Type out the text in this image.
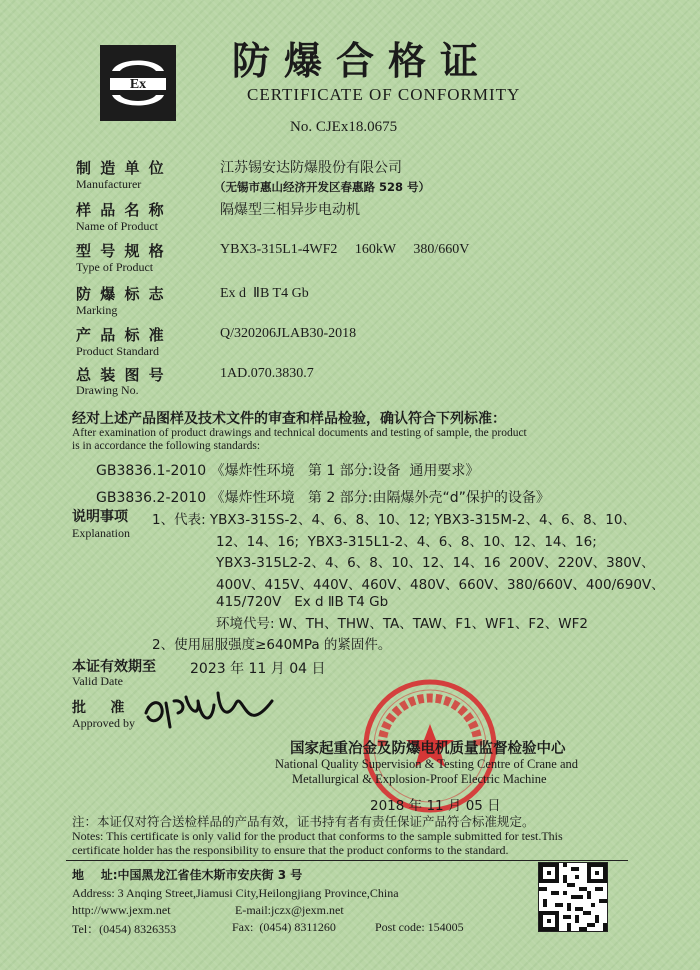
Ex
防爆合格证
CERTIFICATE OF CONFORMITY
No. CJEx18.0675
制 造 单 位
Manufacturer
江苏锡安达防爆股份有限公司
（无锡市惠山经济开发区春惠路 528 号）
样 品 名 称
Name of Product
隔爆型三相异步电动机
型 号 规 格
Type of Product
YBX3-315L1-4WF2     160kW     380/660V
防 爆 标 志
Marking
Ex d  ⅡB T4 Gb
产 品 标 准
Product Standard
Q/320206JLAB30-2018
总 装 图 号
Drawing No.
1AD.070.3830.7
经对上述产品图样及技术文件的审查和样品检验，确认符合下列标准：
After examination of product drawings and technical documents and testing of sample, the product
is in accordance the following standards:
GB3836.1-2010 《爆炸性环境   第 1 部分:设备  通用要求》
GB3836.2-2010 《爆炸性环境   第 2 部分:由隔爆外壳“d”保护的设备》
说明事项
Explanation
1、代表: YBX3-315S-2、4、6、8、10、12; YBX3-315M-2、4、6、8、10、
12、14、16;  YBX3-315L1-2、4、6、8、10、12、14、16;
YBX3-315L2-2、4、6、8、10、12、14、16  200V、220V、380V、
400V、415V、440V、460V、480V、660V、380/660V、400/690V、
415/720V   Ex d ⅡB T4 Gb
环境代号: W、TH、THW、TA、TAW、F1、WF1、F2、WF2
2、使用屈服强度≥640MPa 的紧固件。
本证有效期至
Valid Date
2023 年 11 月 04 日
批     准
Approved by
国家起重冶金及防爆电机质量监督检验中心
National Quality Supervision & Testing Centre of Crane and
Metallurgical & Explosion-Proof Electric Machine
2018 年 11 月 05 日
注：本证仅对符合送检样品的产品有效，证书持有者有责任保证产品符合标准规定。
Notes: This certificate is only valid for the product that conforms to the sample submitted for test.This
certificate holder has the responsibility to ensure that the product conforms to the standard.
地    址:中国黑龙江省佳木斯市安庆街 3 号
Address: 3 Anqing Street,Jiamusi City,Heilongjiang Province,China
http://www.jexm.net	E-mail:jczx@jexm.net
Tel：(0454) 8326353	Fax:  (0454) 8311260	Post code: 154005
